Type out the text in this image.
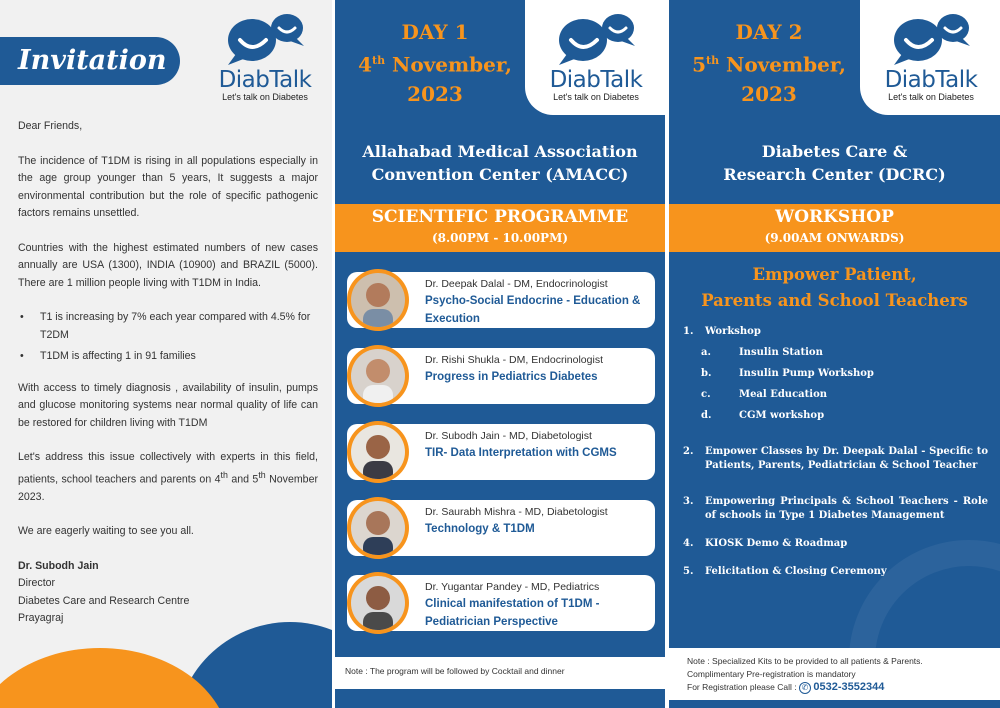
Invitation
DiabTalk
Let's talk on Diabetes

Dear Friends,

The incidence of T1DM is rising in all populations especially in the age group younger than 5 years, It suggests a major environmental contribution but the role of specific pathogenic factors remains unsettled.

Countries with the highest estimated numbers of new cases annually are USA (1300), INDIA (10900) and BRAZIL (5000). There are 1 million people living with T1DM in India.

• T1 is increasing by 7% each year compared with 4.5% for T2DM
• T1DM is affecting 1 in 91 families

With access to timely diagnosis , availability of insulin, pumps and glucose monitoring systems near normal quality of life can be restored for children living with T1DM

Let's address this issue collectively with experts in this field, patients, school teachers and parents on 4th and 5th November 2023.

We are eagerly waiting to see you all.

Dr. Subodh Jain
Director
Diabetes Care and Research Centre
Prayagraj
DAY 1
4th November,
2023
DiabTalk
Let's talk on Diabetes
Allahabad Medical Association
Convention Center (AMACC)
SCIENTIFIC PROGRAMME
(8.00PM - 10.00PM)
Dr. Deepak Dalal - DM, Endocrinologist
Psycho-Social Endocrine - Education & Execution
Dr. Rishi Shukla - DM, Endocrinologist
Progress in Pediatrics Diabetes
Dr. Subodh Jain - MD, Diabetologist
TIR- Data Interpretation with CGMS
Dr. Saurabh Mishra - MD, Diabetologist
Technology & T1DM
Dr. Yugantar Pandey - MD, Pediatrics
Clinical manifestation of T1DM - Pediatrician Perspective
Note : The program will be followed by Cocktail and dinner
DAY 2
5th November,
2023
DiabTalk
Let's talk on Diabetes
Diabetes Care &
Research Center (DCRC)
WORKSHOP
(9.00AM ONWARDS)
Empower Patient,
Parents and School Teachers
1. Workshop
a.	Insulin Station
b.	Insulin Pump Workshop
c.	Meal Education
d.	CGM workshop
2. Empower Classes by Dr. Deepak Dalal - Specific to Patients, Parents, Pediatrician & School Teacher
3. Empowering Principals & School Teachers - Role of schools in Type 1 Diabetes Management
4. KIOSK Demo & Roadmap
5. Felicitation & Closing Ceremony
Note : Specialized Kits to be provided to all patients & Parents.
Complimentary Pre-registration is mandatory
For Registration please Call : ✆ 0532-3552344
